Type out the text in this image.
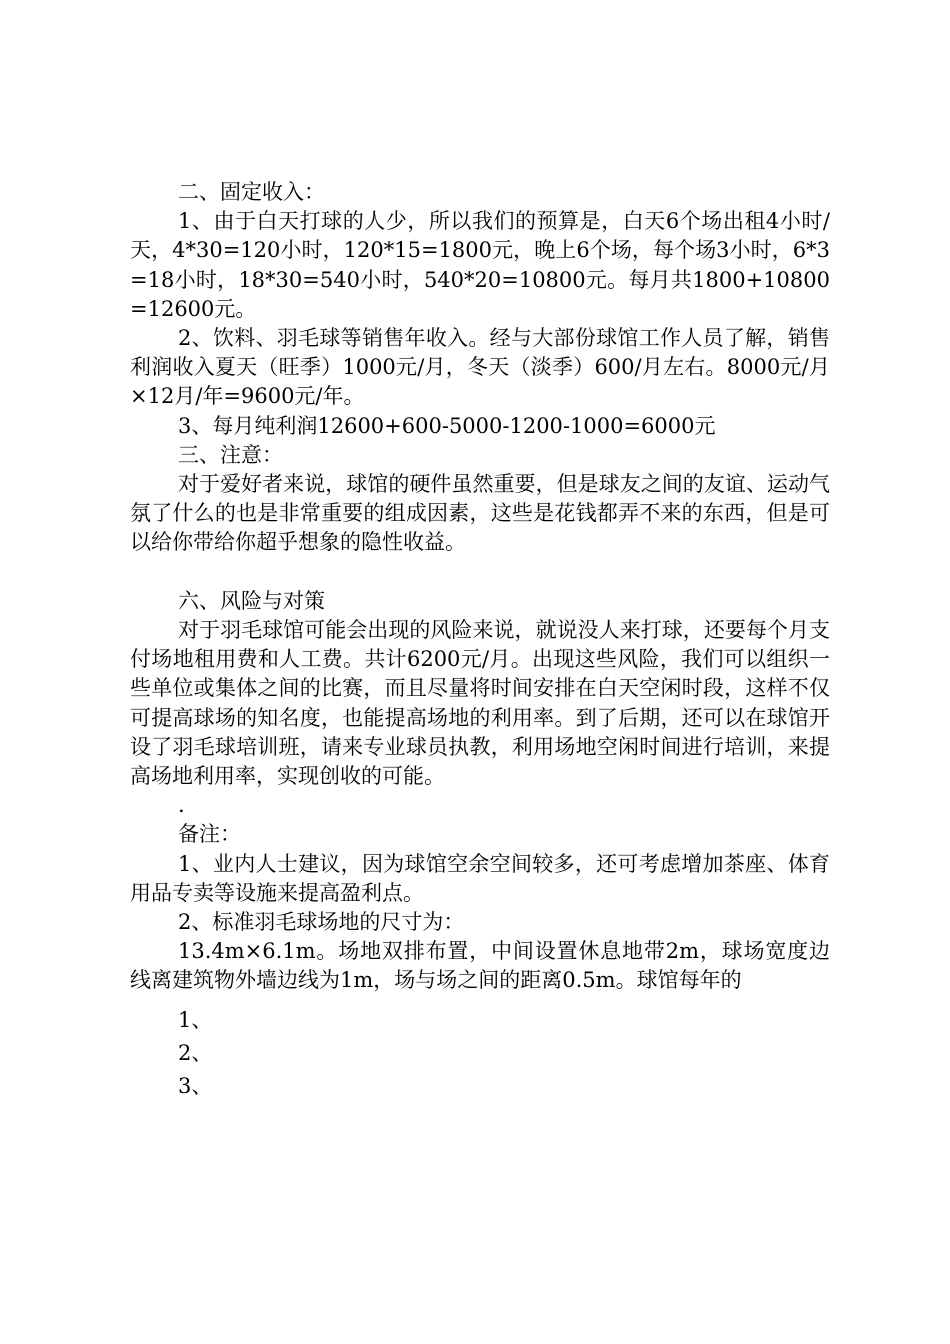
二、固定收入：

1、由于白天打球的人少，所以我们的预算是，白天6个场出租4小时/天，4*30=120小时，120*15=1800元，晚上6个场，每个场3小时，6*3=18小时，18*30=540小时，540*20=10800元。每月共1800+10800=12600元。

2、饮料、羽毛球等销售年收入。经与大部份球馆工作人员了解，销售利润收入夏天（旺季）1000元/月，冬天（淡季）600/月左右。8000元/月×12月/年=9600元/年。

3、每月纯利润12600+600-5000-1200-1000=6000元

三、注意：

对于爱好者来说，球馆的硬件虽然重要，但是球友之间的友谊、运动气氛了什么的也是非常重要的组成因素，这些是花钱都弄不来的东西，但是可以给你带给你超乎想象的隐性收益。

六、风险与对策

对于羽毛球馆可能会出现的风险来说，就说没人来打球，还要每个月支付场地租用费和人工费。共计6200元/月。出现这些风险，我们可以组织一些单位或集体之间的比赛，而且尽量将时间安排在白天空闲时段，这样不仅可提高球场的知名度，也能提高场地的利用率。到了后期，还可以在球馆开设了羽毛球培训班，请来专业球员执教，利用场地空闲时间进行培训，来提高场地利用率，实现创收的可能。

.

备注：

1、业内人士建议，因为球馆空余空间较多，还可考虑增加茶座、体育用品专卖等设施来提高盈利点。

2、标准羽毛球场地的尺寸为：

13.4m×6.1m。场地双排布置，中间设置休息地带2m，球场宽度边线离建筑物外墙边线为1m，场与场之间的距离0.5m。球馆每年的

1、

2、

3、
